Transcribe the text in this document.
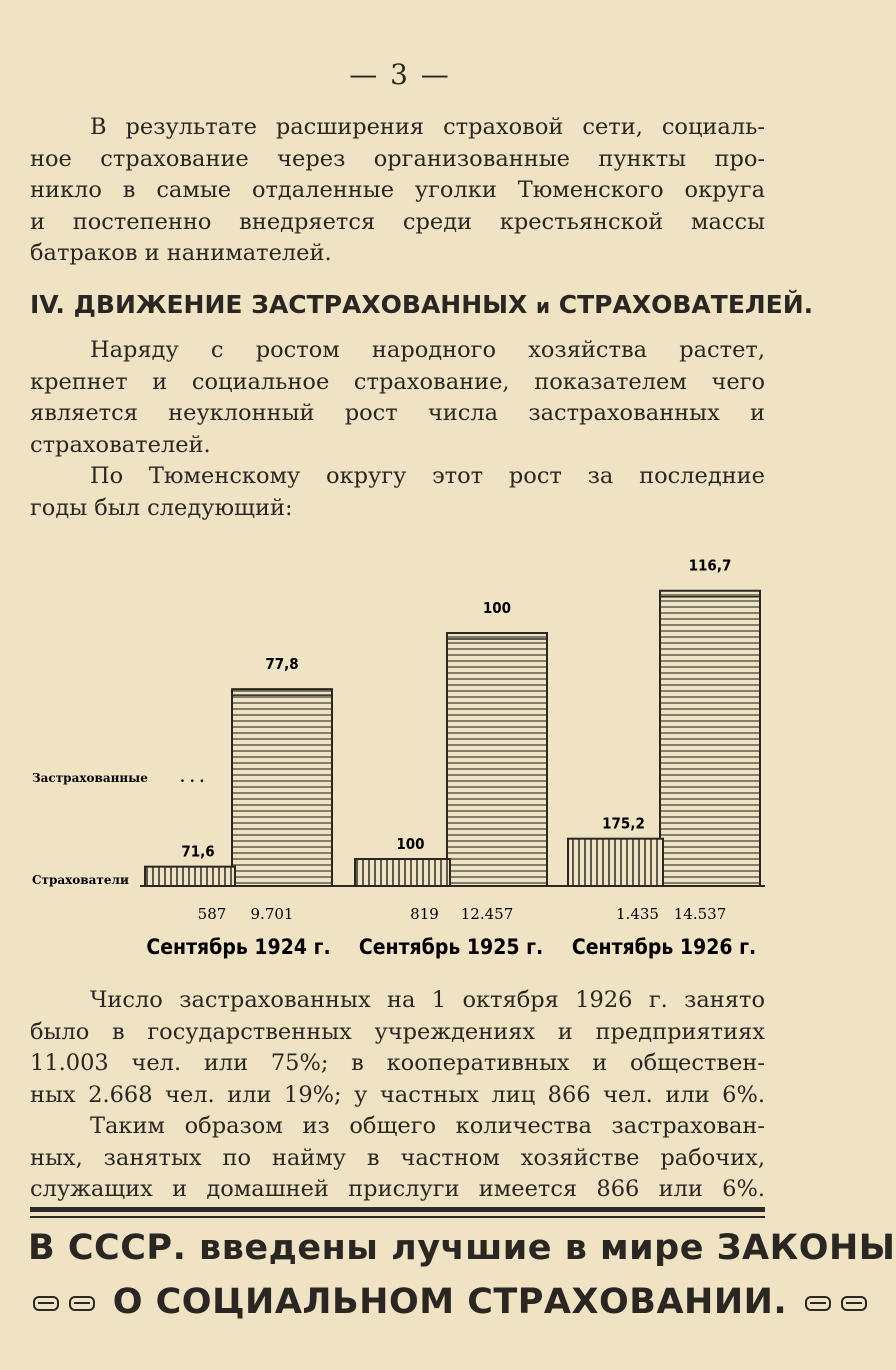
— 3 —
В результате расширения страховой сети, социаль-
ное страхование через организованные пункты про-
никло в самые отдаленные уголки Тюменского округа
и постепенно внедряется среди крестьянской массы
батраков и нанимателей.
IV. ДВИЖЕНИЕ ЗАСТРАХОВАННЫХ и СТРАХОВАТЕЛЕЙ.
Наряду с ростом народного хозяйства растет,
крепнет и социальное страхование, показателем чего
является неуклонный рост числа застрахованных и
страхователей.
По Тюменскому округу этот рост за последние
годы был следующий:
77,8
71,6
587 9.701
Сентябрь 1924 г.
100
100
819 12.457
Сентябрь 1925 г.
116,7
175,2
1.435 14.537
Сентябрь 1926 г.
Застрахованные . . .
Страхователи
Число застрахованных на 1 октября 1926 г. занято
было в государственных учреждениях и предприятиях
11.003 чел. или 75%; в кооперативных и обществен-
ных 2.668 чел. или 19%; у частных лиц 866 чел. или 6%.
Таким образом из общего количества застрахован-
ных, занятых по найму в частном хозяйстве рабочих,
служащих и домашней прислуги имеется 866 или 6%.
В СССР. введены лучшие в мире ЗАКОНЫ
О СОЦИАЛЬНОМ СТРАХОВАНИИ.
